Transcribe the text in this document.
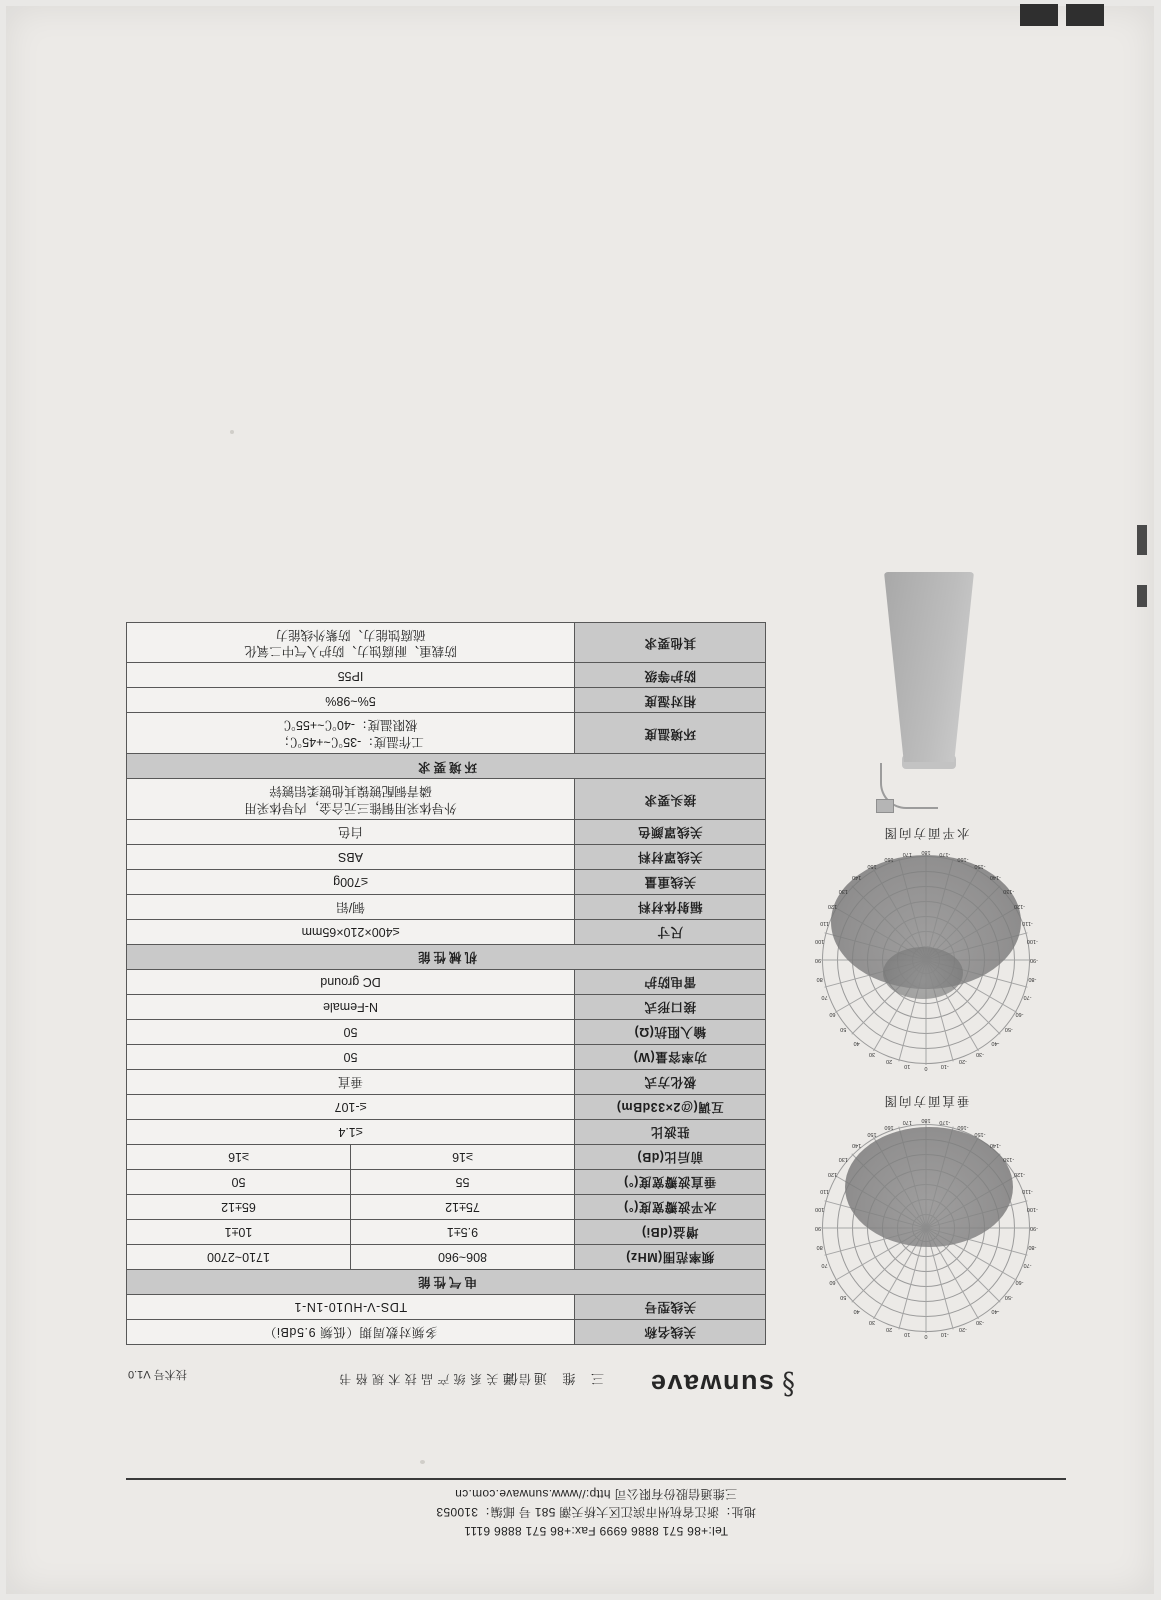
Tel:+86 571 8886 6999 Fax:+86 571 8886 6111
地址：浙江省杭州市滨江区大桥天潮 581 号 邮编：310053
三维通信股份有限公司 http://www.sunwave.com.cn
§
sunwave
三 维 通 信
信 通 关 系 统 产 品 技 术 规 格 书
技术号 V1.0
0
10
20
30
40
50
60
70
80
90
100
110
120
130
140
150
160
170 180 -170
-160
-150
-140
-130
-120
-110
-100
-90
-80
-70
-60
-50
-40
-30
-20
-10
垂直面方向图
0
10
20
30
40
50
60
70
80
90
100
110
120
130
140
150
160
170 180 -170
-160
-150
-140
-130
-120
-110
-100
-90
-80
-70
-60
-50
-40
-30
-20
-10
水平面方向图
关线名称	多频对数周期（低频 9.5dBi）	
关线型号	TDS-V-HU10-1N-1	
电气性能		
频率范围(MHz)	806~960	1710~2700
增益(dBi)	9.5±1	10±1
水平波瓣宽度(°)	75±12	65±12
垂直波瓣宽度(°)	55	50
前后比(dB)	≥16	≥16
驻波比	≤1.4	
互调(@2×33dBm)	≤-107	
极化方式	垂直	
功率容量(W)	50	
输入阻抗(Ω)	50	
接口形式	N-Female	
雷电防护	DC ground	
机械性能		
尺寸	≤400×210×65mm	
辐射体材料	铜/铝	
关线重量	≤700g	
关线罩材料	ABS	
关线罩颜色	白色	
接头要求	外导体采用铜锥三元合金，内导体采用
磷青铜配镀镍其他镀柔铝镀锌	
环境要求		
环境温度	工作温度：-35℃~+45℃；
极限温度：-40℃~+55℃	
相对湿度	5%~98%	
防护等级	IP55	
其他要求	防载重、耐腐蚀力、防护入气中二氧化
硫腐蚀能力、防紫外线能力	
